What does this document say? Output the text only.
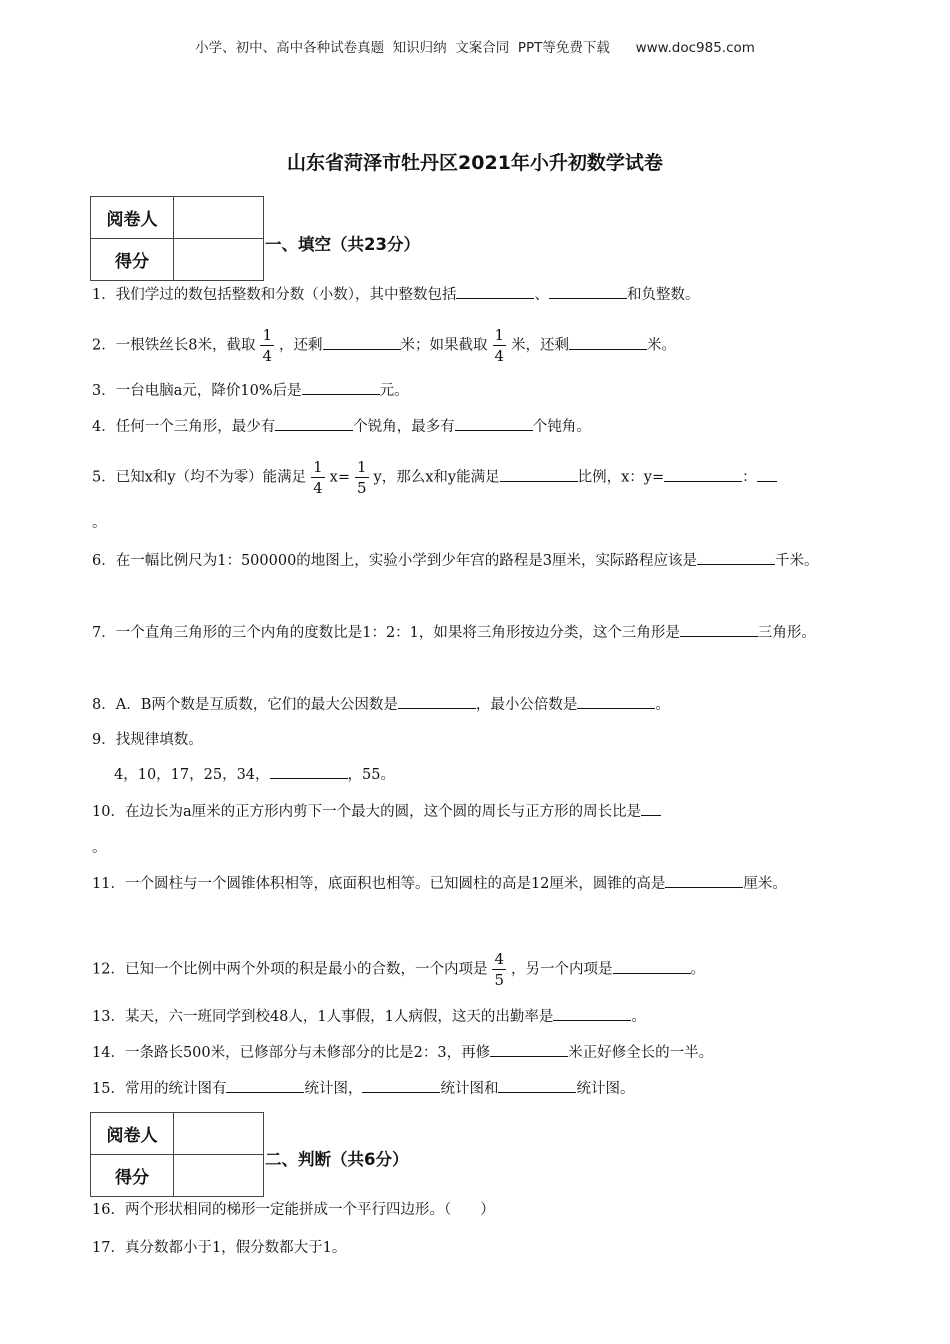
小学、初中、高中各种试卷真题  知识归纳  文案合同  PPT等免费下载      www.doc985.com
山东省菏泽市牡丹区2021年小升初数学试卷
阅卷人	
得分	
一、填空（共23分）
1．我们学过的数包括整数和分数（小数），其中整数包括	、	和负整数。
2．一根铁丝长8米，截取 $\frac{1}{4}$ ，还剩	米；如果截取 $\frac{1}{4}$ 米，还剩	米。
3．一台电脑a元，降价10%后是	元。
4．任何一个三角形，最少有	个锐角，最多有	个钝角。
5．已知x和y（均不为零）能满足 $\frac{1}{4} x= \frac{1}{5}$ y，那么x和y能满足	比例，x：y=	：
。
6．在一幅比例尺为1：500000的地图上，实验小学到少年宫的路程是3厘米，实际路程应该是	千米。
7．一个直角三角形的三个内角的度数比是1：2：1，如果将三角形按边分类，这个三角形是	三角形。
8．A．B两个数是互质数，它们的最大公因数是	，最小公倍数是	。
9．找规律填数。
4，10，17，25，34，	，55。
10．在边长为a厘米的正方形内剪下一个最大的圆，这个圆的周长与正方形的周长比是
。
11．一个圆柱与一个圆锥体积相等，底面积也相等。已知圆柱的高是12厘米，圆锥的高是	厘米。
12．已知一个比例中两个外项的积是最小的合数，一个内项是 $\frac{4}{5}$ ，另一个内项是	。
13．某天，六一班同学到校48人，1人事假，1人病假，这天的出勤率是	。
14．一条路长500米，已修部分与未修部分的比是2：3，再修	米正好修全长的一半。
15．常用的统计图有	统计图，	统计图和	统计图。
阅卷人	
得分	
二、判断（共6分）
16．两个形状相同的梯形一定能拼成一个平行四边形。（　　）
17．真分数都小于1，假分数都大于1。
